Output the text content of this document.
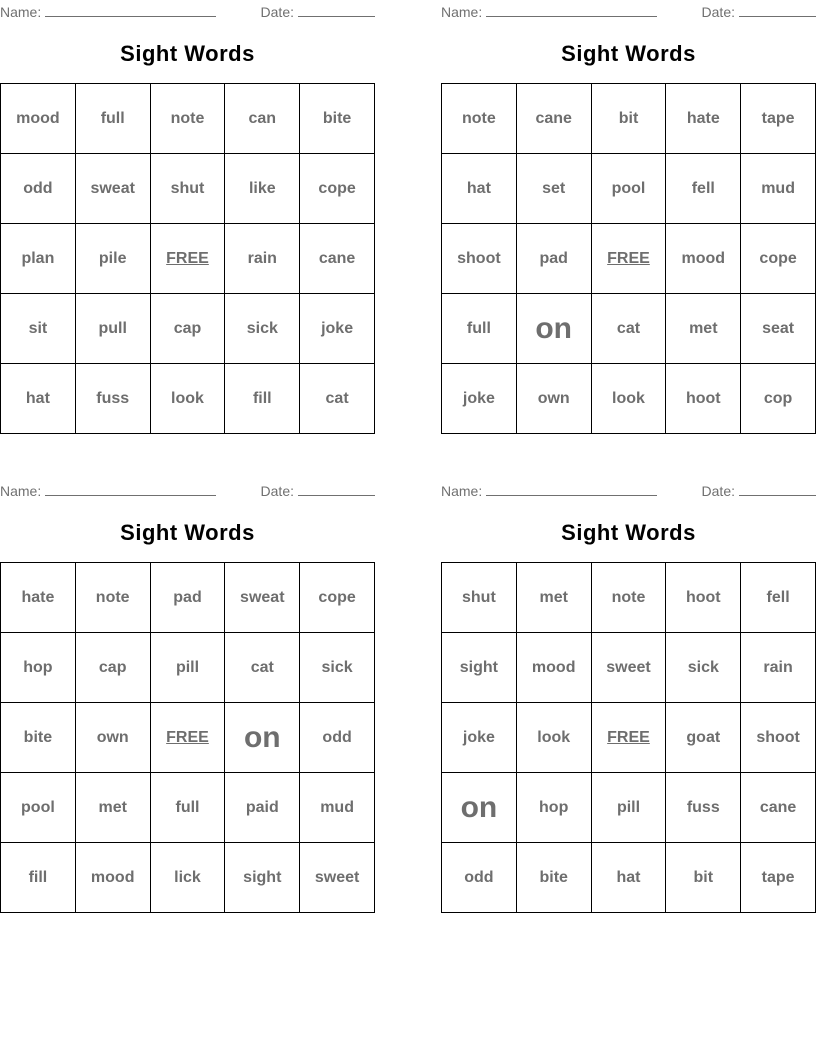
Name:	Date:
Sight Words
mood	full	note	can	bite
odd	sweat	shut	like	cope
plan	pile	FREE	rain	cane
sit	pull	cap	sick	joke
hat	fuss	look	fill	cat
Name:	Date:
Sight Words
note	cane	bit	hate	tape
hat	set	pool	fell	mud
shoot	pad	FREE	mood	cope
full	on	cat	met	seat
joke	own	look	hoot	cop
Name:	Date:
Sight Words
hate	note	pad	sweat	cope
hop	cap	pill	cat	sick
bite	own	FREE	on	odd
pool	met	full	paid	mud
fill	mood	lick	sight	sweet
Name:	Date:
Sight Words
shut	met	note	hoot	fell
sight	mood	sweet	sick	rain
joke	look	FREE	goat	shoot
on	hop	pill	fuss	cane
odd	bite	hat	bit	tape
